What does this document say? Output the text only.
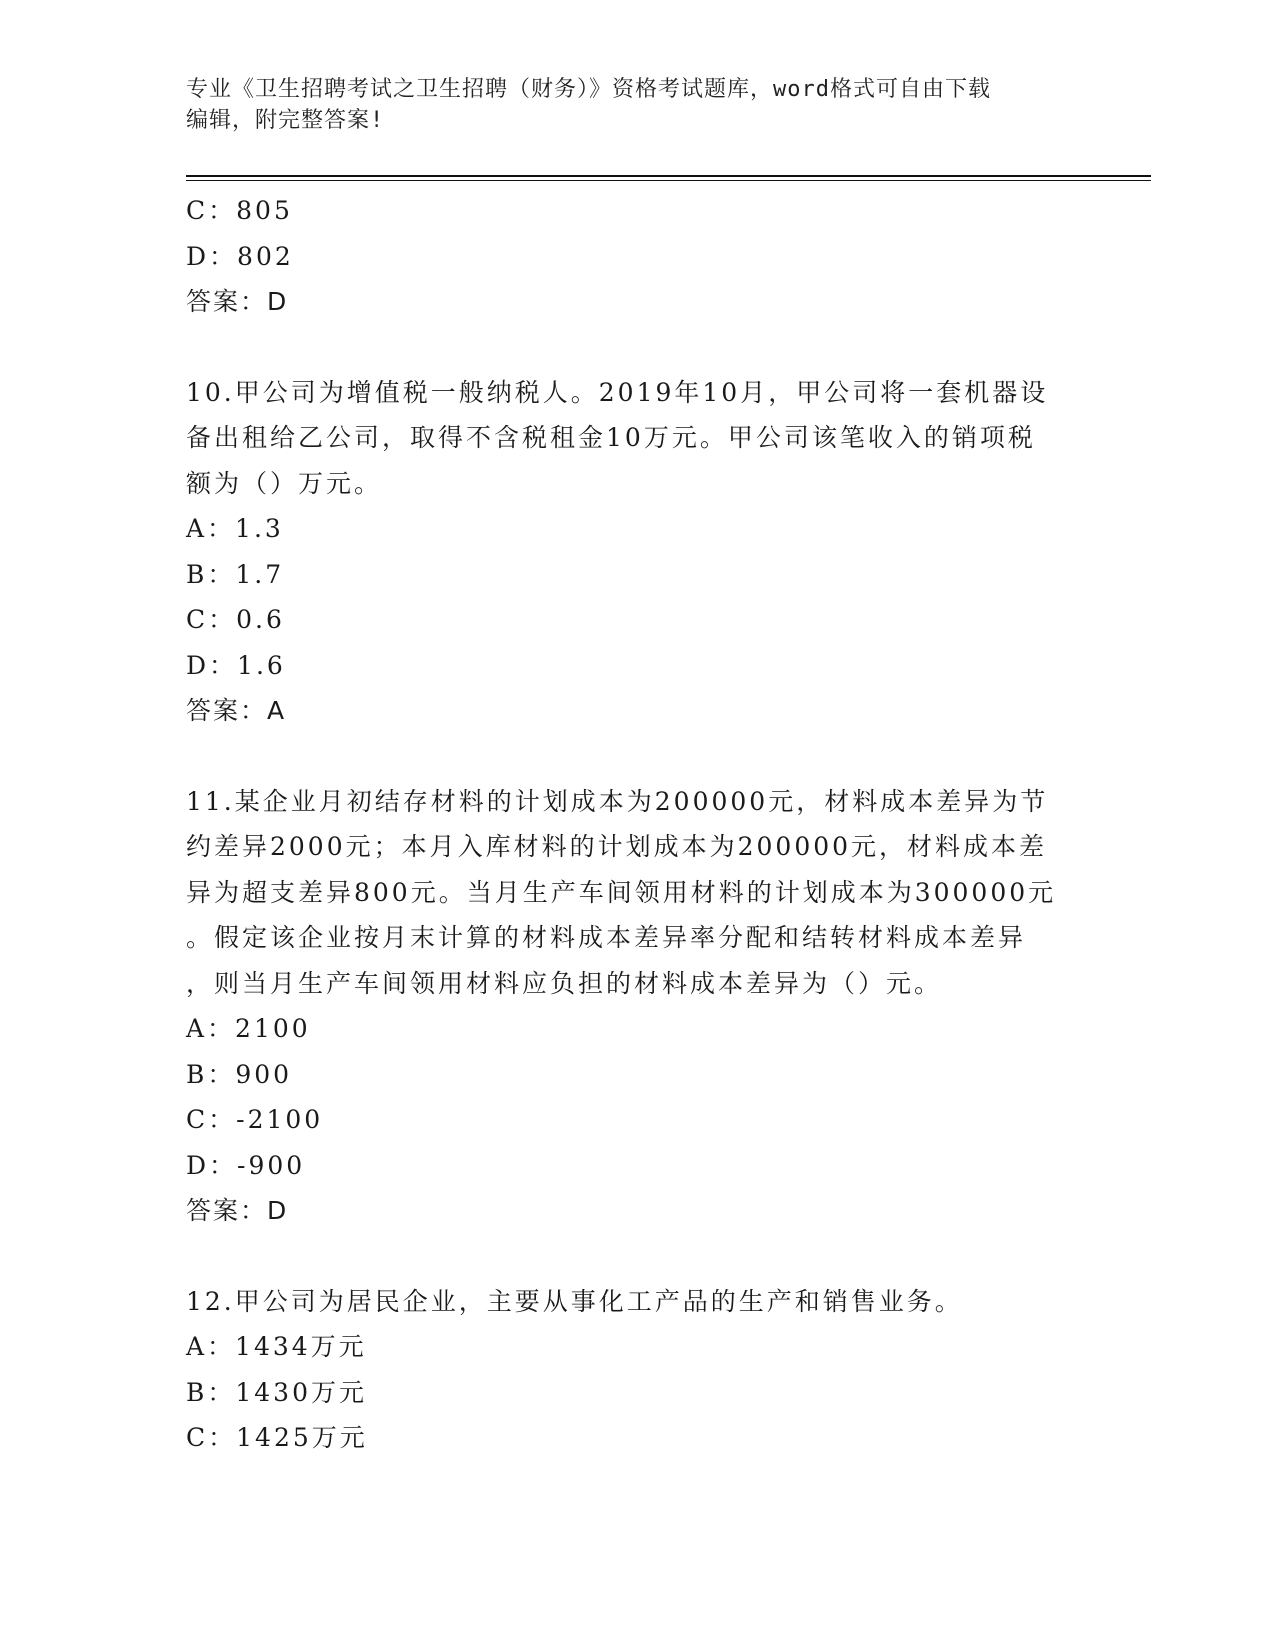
专业《卫生招聘考试之卫生招聘（财务）》资格考试题库，word格式可自由下载
编辑，附完整答案!
C：805
D：802
答案：D
10.甲公司为增值税一般纳税人。2019年10月，甲公司将一套机器设
备出租给乙公司，取得不含税租金10万元。甲公司该笔收入的销项税
额为（）万元。
A：1.3
B：1.7
C：0.6
D：1.6
答案：A
11.某企业月初结存材料的计划成本为200000元，材料成本差异为节
约差异2000元；本月入库材料的计划成本为200000元，材料成本差
异为超支差异800元。当月生产车间领用材料的计划成本为300000元
。假定该企业按月末计算的材料成本差异率分配和结转材料成本差异
，则当月生产车间领用材料应负担的材料成本差异为（）元。
A：2100
B：900
C：-2100
D：-900
答案：D
12.甲公司为居民企业，主要从事化工产品的生产和销售业务。
A：1434万元
B：1430万元
C：1425万元
